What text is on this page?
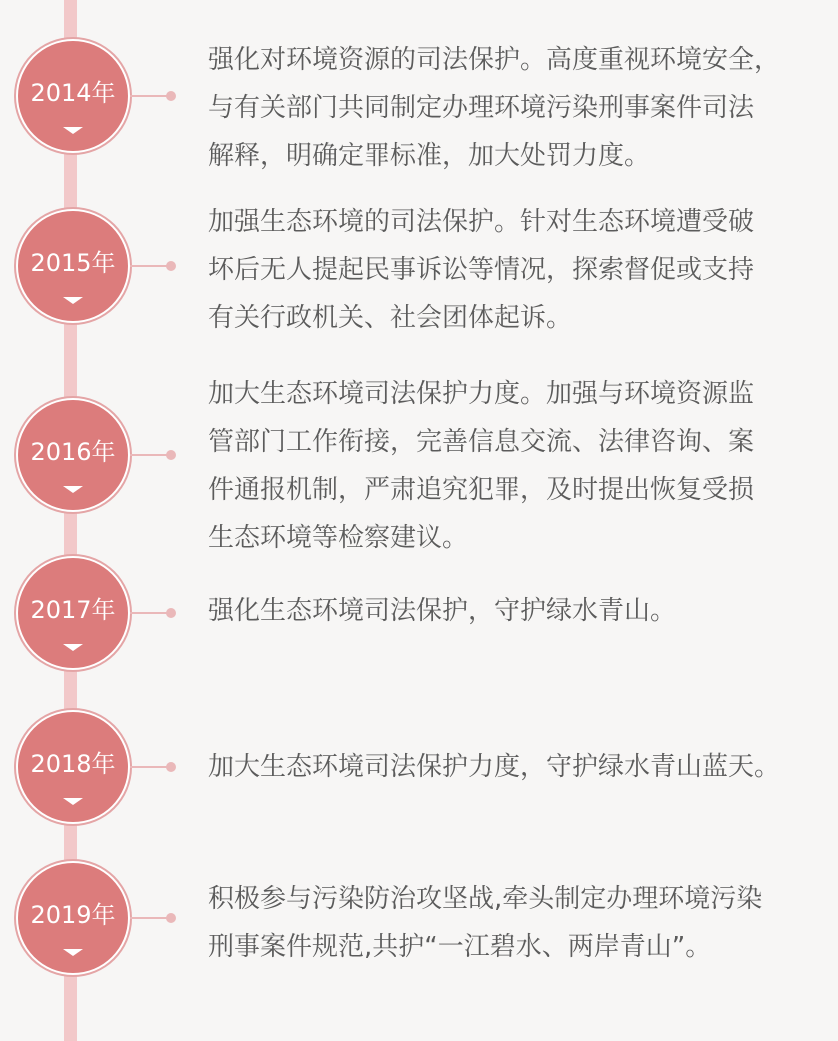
2014年

强化对环境资源的司法保护。高度重视环境安全，
与有关部门共同制定办理环境污染刑事案件司法
解释，明确定罪标准，加大处罚力度。

2015年

加强生态环境的司法保护。针对生态环境遭受破
坏后无人提起民事诉讼等情况，探索督促或支持
有关行政机关、社会团体起诉。

2016年

加大生态环境司法保护力度。加强与环境资源监
管部门工作衔接，完善信息交流、法律咨询、案
件通报机制，严肃追究犯罪，及时提出恢复受损
生态环境等检察建议。

2017年	强化生态环境司法保护，守护绿水青山。

2018年	加大生态环境司法保护力度，守护绿水青山蓝天。

2019年

积极参与污染防治攻坚战,牵头制定办理环境污染
刑事案件规范,共护“一江碧水、两岸青山”。
